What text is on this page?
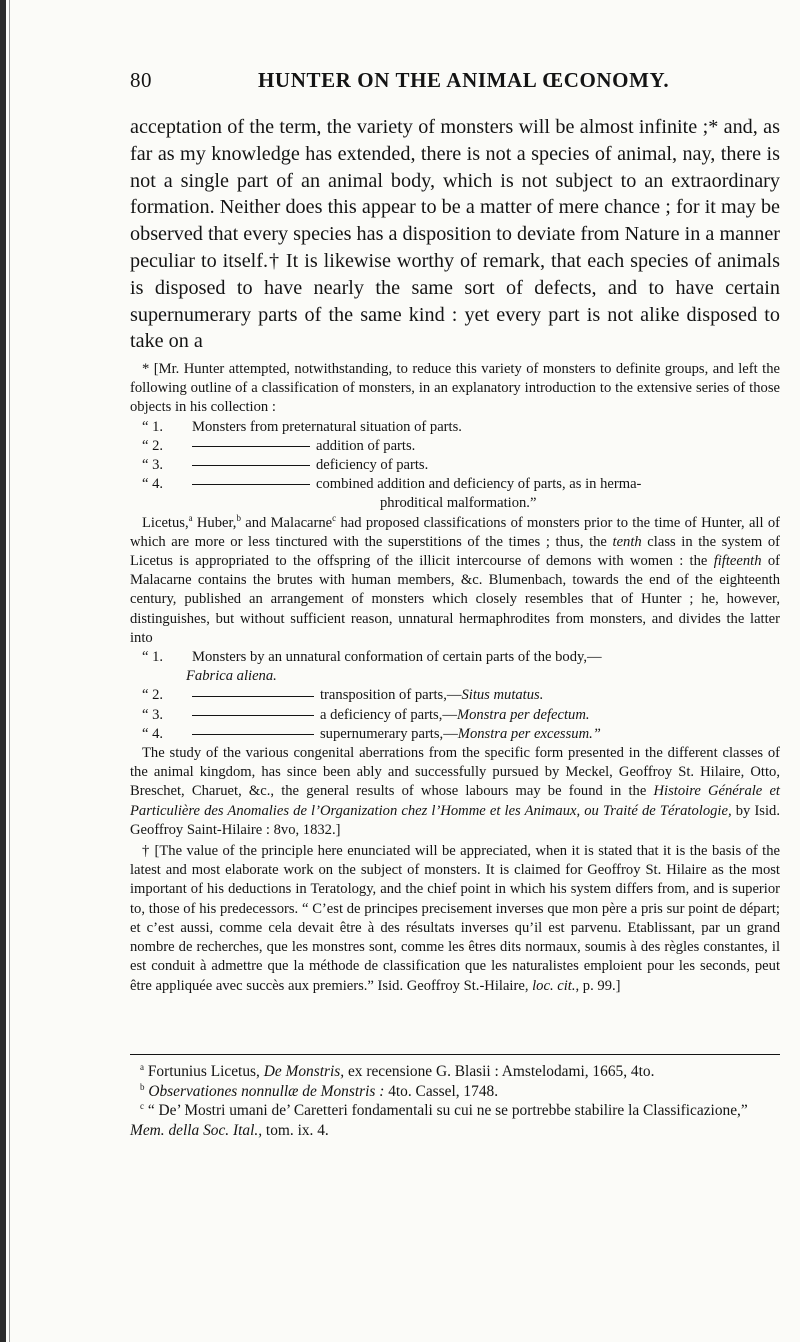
80	HUNTER ON THE ANIMAL ŒCONOMY.

acceptation of the term, the variety of monsters will be almost infinite ;* and, as far as my knowledge has extended, there is not a species of animal, nay, there is not a single part of an animal body, which is not subject to an extraordinary formation. Neither does this appear to be a matter of mere chance ; for it may be observed that every species has a disposition to deviate from Nature in a manner peculiar to itself.† It is likewise worthy of remark, that each species of animals is disposed to have nearly the same sort of defects, and to have certain supernumerary parts of the same kind : yet every part is not alike disposed to take on a

* [Mr. Hunter attempted, notwithstanding, to reduce this variety of monsters to definite groups, and left the following outline of a classification of monsters, in an explanatory introduction to the extensive series of those objects in his collection :

“ 1. Monsters from preternatural situation of parts.
“ 2.	addition of parts.
“ 3.	deficiency of parts.
“ 4.	combined addition and deficiency of parts, as in herma-
phroditical malformation.”

Licetus,$^a$ Huber,$^b$ and Malacarne$^c$ had proposed classifications of monsters prior to the time of Hunter, all of which are more or less tinctured with the superstitions of the times ; thus, the tenth class in the system of Licetus is appropriated to the offspring of the illicit intercourse of demons with women : the fifteenth of Malacarne contains the brutes with human members, &c. Blumenbach, towards the end of the eighteenth century, published an arrangement of monsters which closely resembles that of Hunter ; he, however, distinguishes, but without sufficient reason, unnatural hermaphrodites from monsters, and divides the latter into

“ 1. Monsters by an unnatural conformation of certain parts of the body,—
Fabrica aliena.
“ 2.	transposition of parts,—Situs mutatus.
“ 3.	a deficiency of parts,—Monstra per defectum.
“ 4.	supernumerary parts,—Monstra per excessum.”

The study of the various congenital aberrations from the specific form presented in the different classes of the animal kingdom, has since been ably and successfully pursued by Meckel, Geoffroy St. Hilaire, Otto, Breschet, Charuet, &c., the general results of whose labours may be found in the Histoire Générale et Particulière des Anomalies de l’Organization chez l’Homme et les Animaux, ou Traité de Tératologie, by Isid. Geoffroy Saint-Hilaire : 8vo, 1832.]

† [The value of the principle here enunciated will be appreciated, when it is stated that it is the basis of the latest and most elaborate work on the subject of monsters. It is claimed for Geoffroy St. Hilaire as the most important of his deductions in Teratology, and the chief point in which his system differs from, and is superior to, those of his predecessors. “ C’est de principes precisement inverses que mon père a pris sur point de départ; et c’est aussi, comme cela devait être à des résultats inverses qu’il est parvenu. Etablissant, par un grand nombre de recherches, que les monstres sont, comme les êtres dits normaux, soumis à des règles constantes, il est conduit à admettre que la méthode de classification que les naturalistes emploient pour les seconds, peut être appliquée avec succès aux premiers.” Isid. Geoffroy St.-Hilaire, loc. cit., p. 99.]

$^a$ Fortunius Licetus, De Monstris, ex recensione G. Blasii : Amstelodami, 1665, 4to.

$^b$ Observationes nonnullæ de Monstris : 4to. Cassel, 1748.

$^c$ “ De’ Mostri umani de’ Caretteri fondamentali su cui ne se portrebbe stabilire la Classificazione,” Mem. della Soc. Ital., tom. ix. 4.
